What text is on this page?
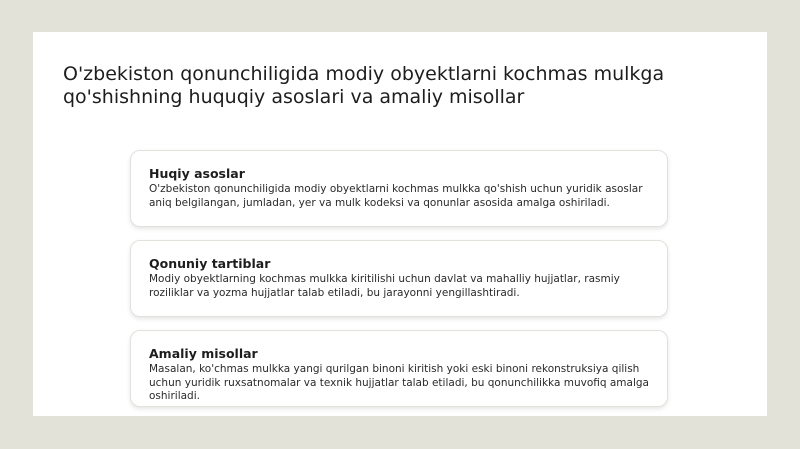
O'zbekiston qonunchiligida modiy obyektlarni kochmas mulkga qo'shishning huquqiy asoslari va amaliy misollar
Huqiy asoslar

O'zbekiston qonunchiligida modiy obyektlarni kochmas mulkka qo'shish uchun yuridik asoslar aniq belgilangan, jumladan, yer va mulk kodeksi va qonunlar asosida amalga oshiriladi.

Qonuniy tartiblar

Modiy obyektlarning kochmas mulkka kiritilishi uchun davlat va mahalliy hujjatlar, rasmiy roziliklar va yozma hujjatlar talab etiladi, bu jarayonni yengillashtiradi.

Amaliy misollar

Masalan, ko'chmas mulkka yangi qurilgan binoni kiritish yoki eski binoni rekonstruksiya qilish uchun yuridik ruxsatnomalar va texnik hujjatlar talab etiladi, bu qonunchilikka muvofiq amalga oshiriladi.
